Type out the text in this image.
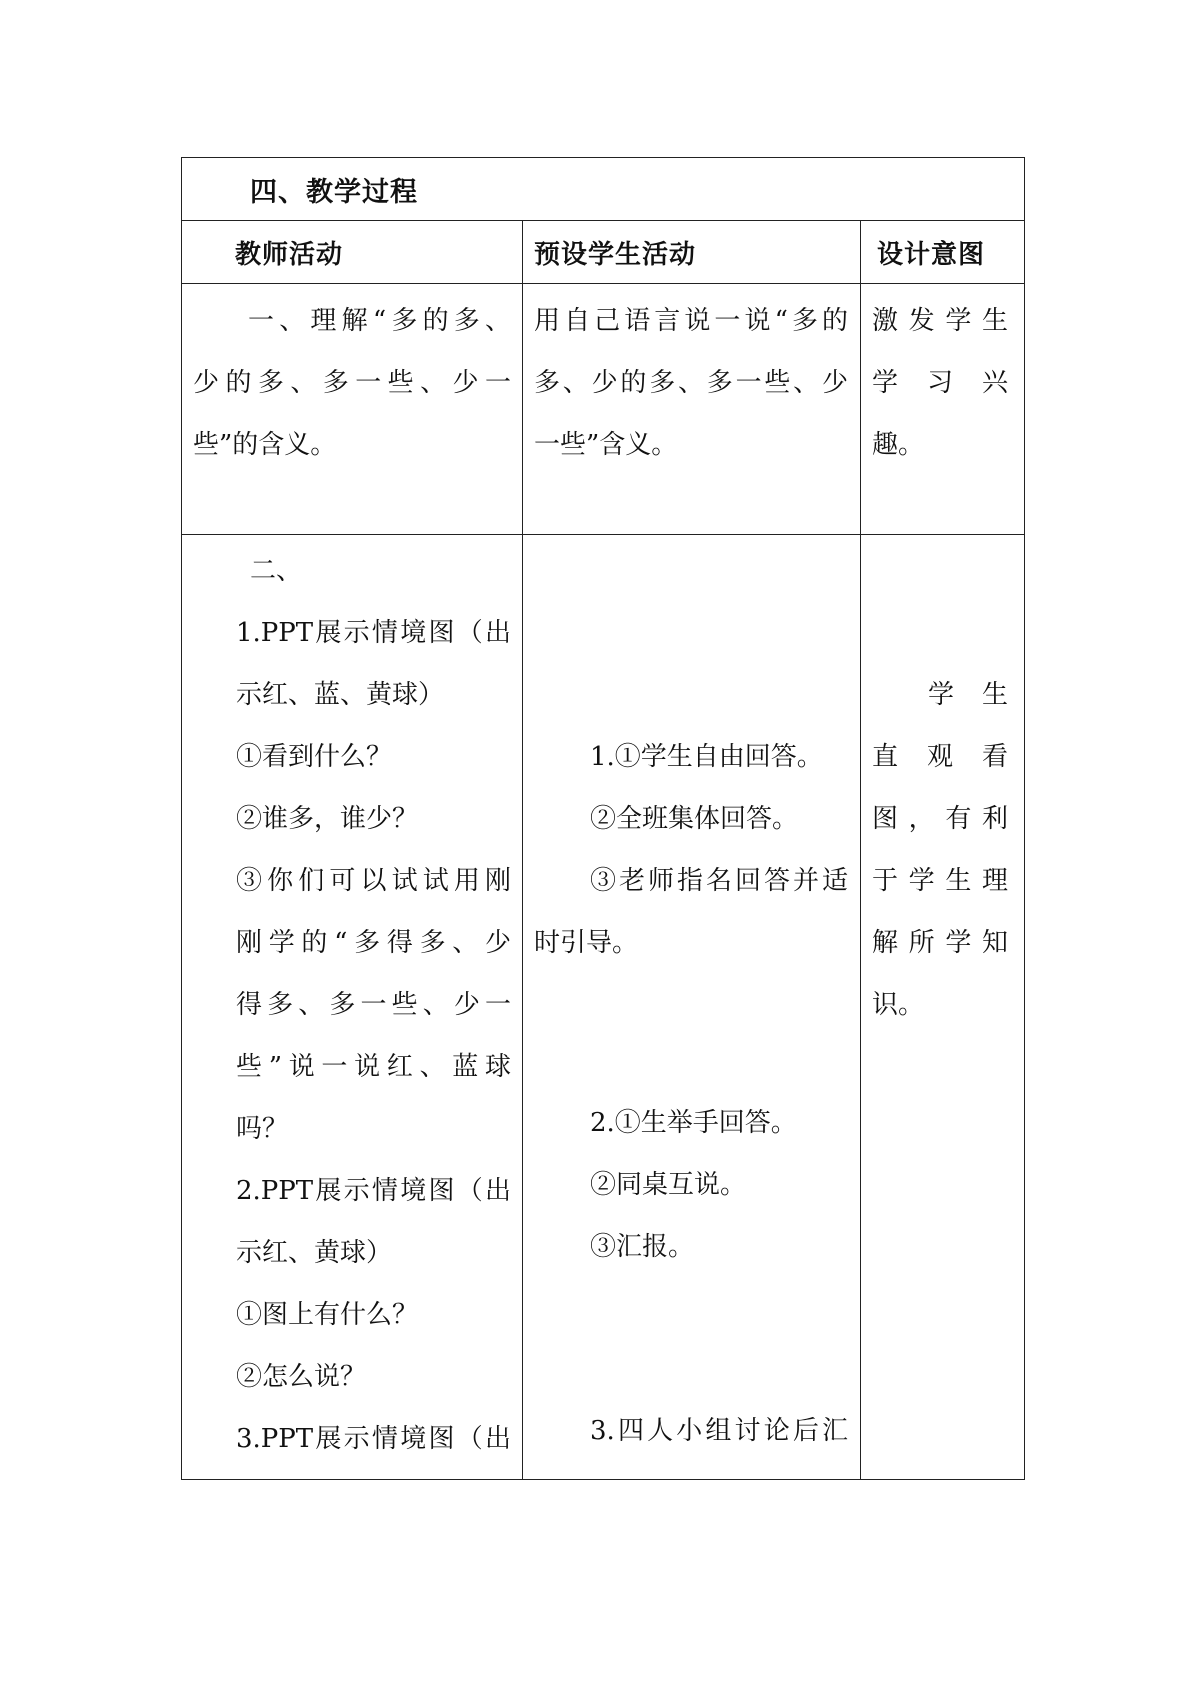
四、教学过程
教师活动	预设学生活动	设计意图
一、理解“多的多、
少的多、多一些、少一
些”的含义。
用自己语言说一说“多的
多、少的多、多一些、少
一些”含义。
激发学生
学习兴
趣。
二、
1.PPT展示情境图（出
示红、蓝、黄球）
①看到什么？
②谁多，谁少？
③你们可以试试用刚
刚学的“多得多、少
得多、多一些、少一
些”说一说红、蓝球
吗？
2.PPT展示情境图（出
示红、黄球）
①图上有什么？
②怎么说？
3.PPT展示情境图（出
1.①学生自由回答。
②全班集体回答。
③老师指名回答并适
时引导。
2.①生举手回答。
②同桌互说。
③汇报。
3.四人小组讨论后汇
学生
直观看
图，有利
于学生理
解所学知
识。
